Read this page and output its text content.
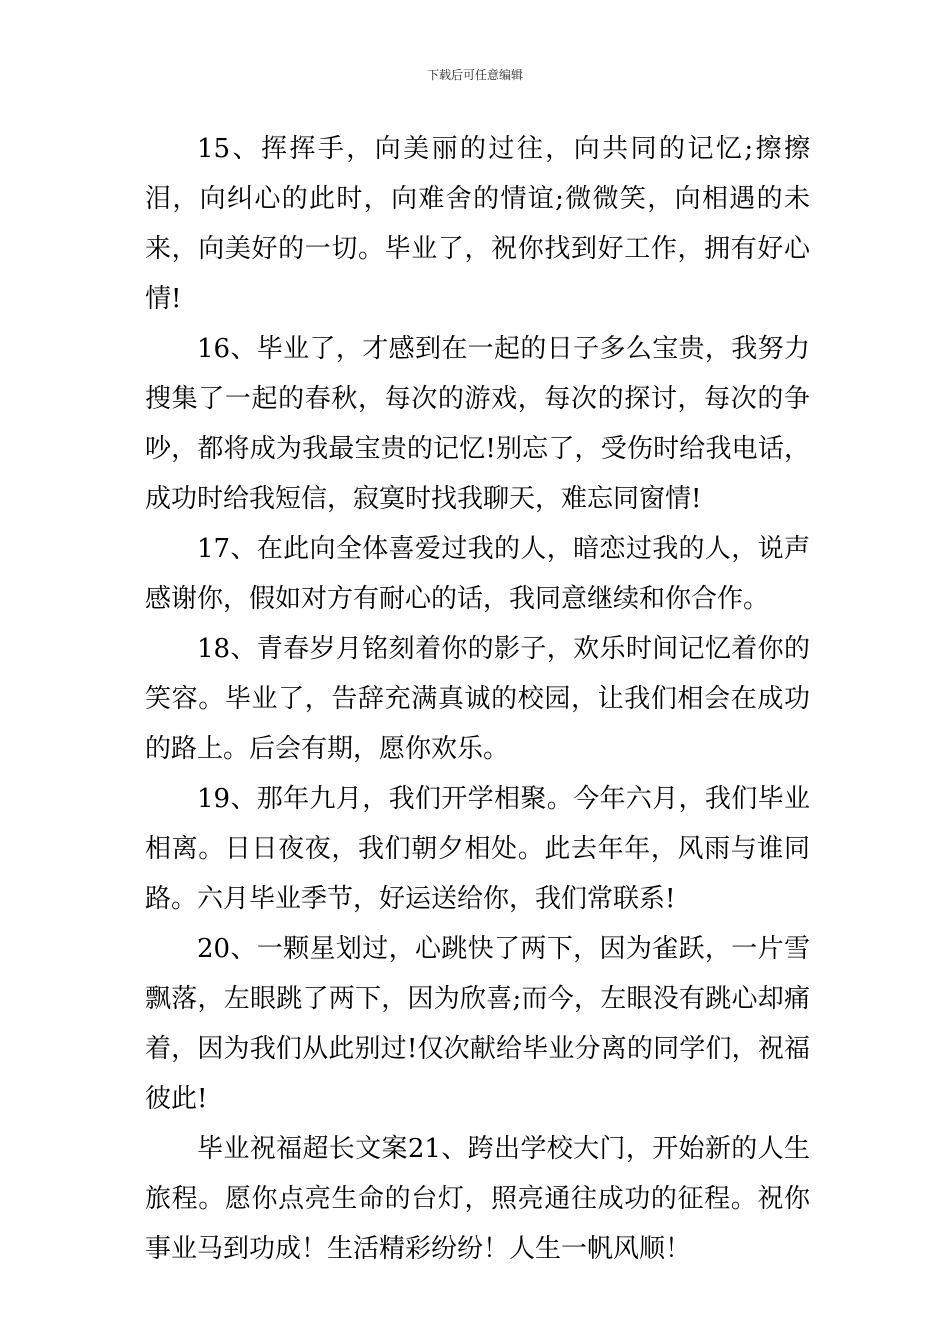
下载后可任意编辑

15、挥挥手，向美丽的过往，向共同的记忆;擦擦泪，向纠心的此时，向难舍的情谊;微微笑，向相遇的未来，向美好的一切。毕业了，祝你找到好工作，拥有好心情!

16、毕业了，才感到在一起的日子多么宝贵，我努力搜集了一起的春秋，每次的游戏，每次的探讨，每次的争吵，都将成为我最宝贵的记忆!别忘了，受伤时给我电话，成功时给我短信，寂寞时找我聊天，难忘同窗情!

17、在此向全体喜爱过我的人，暗恋过我的人，说声感谢你，假如对方有耐心的话，我同意继续和你合作。

18、青春岁月铭刻着你的影子，欢乐时间记忆着你的笑容。毕业了，告辞充满真诚的校园，让我们相会在成功的路上。后会有期，愿你欢乐。

19、那年九月，我们开学相聚。今年六月，我们毕业相离。日日夜夜，我们朝夕相处。此去年年，风雨与谁同路。六月毕业季节，好运送给你，我们常联系!

20、一颗星划过，心跳快了两下，因为雀跃，一片雪飘落，左眼跳了两下，因为欣喜;而今，左眼没有跳心却痛着，因为我们从此别过!仅次献给毕业分离的同学们，祝福彼此!

毕业祝福超长文案21、跨出学校大门，开始新的人生旅程。愿你点亮生命的台灯，照亮通往成功的征程。祝你事业马到功成！生活精彩纷纷！人生一帆风顺！
